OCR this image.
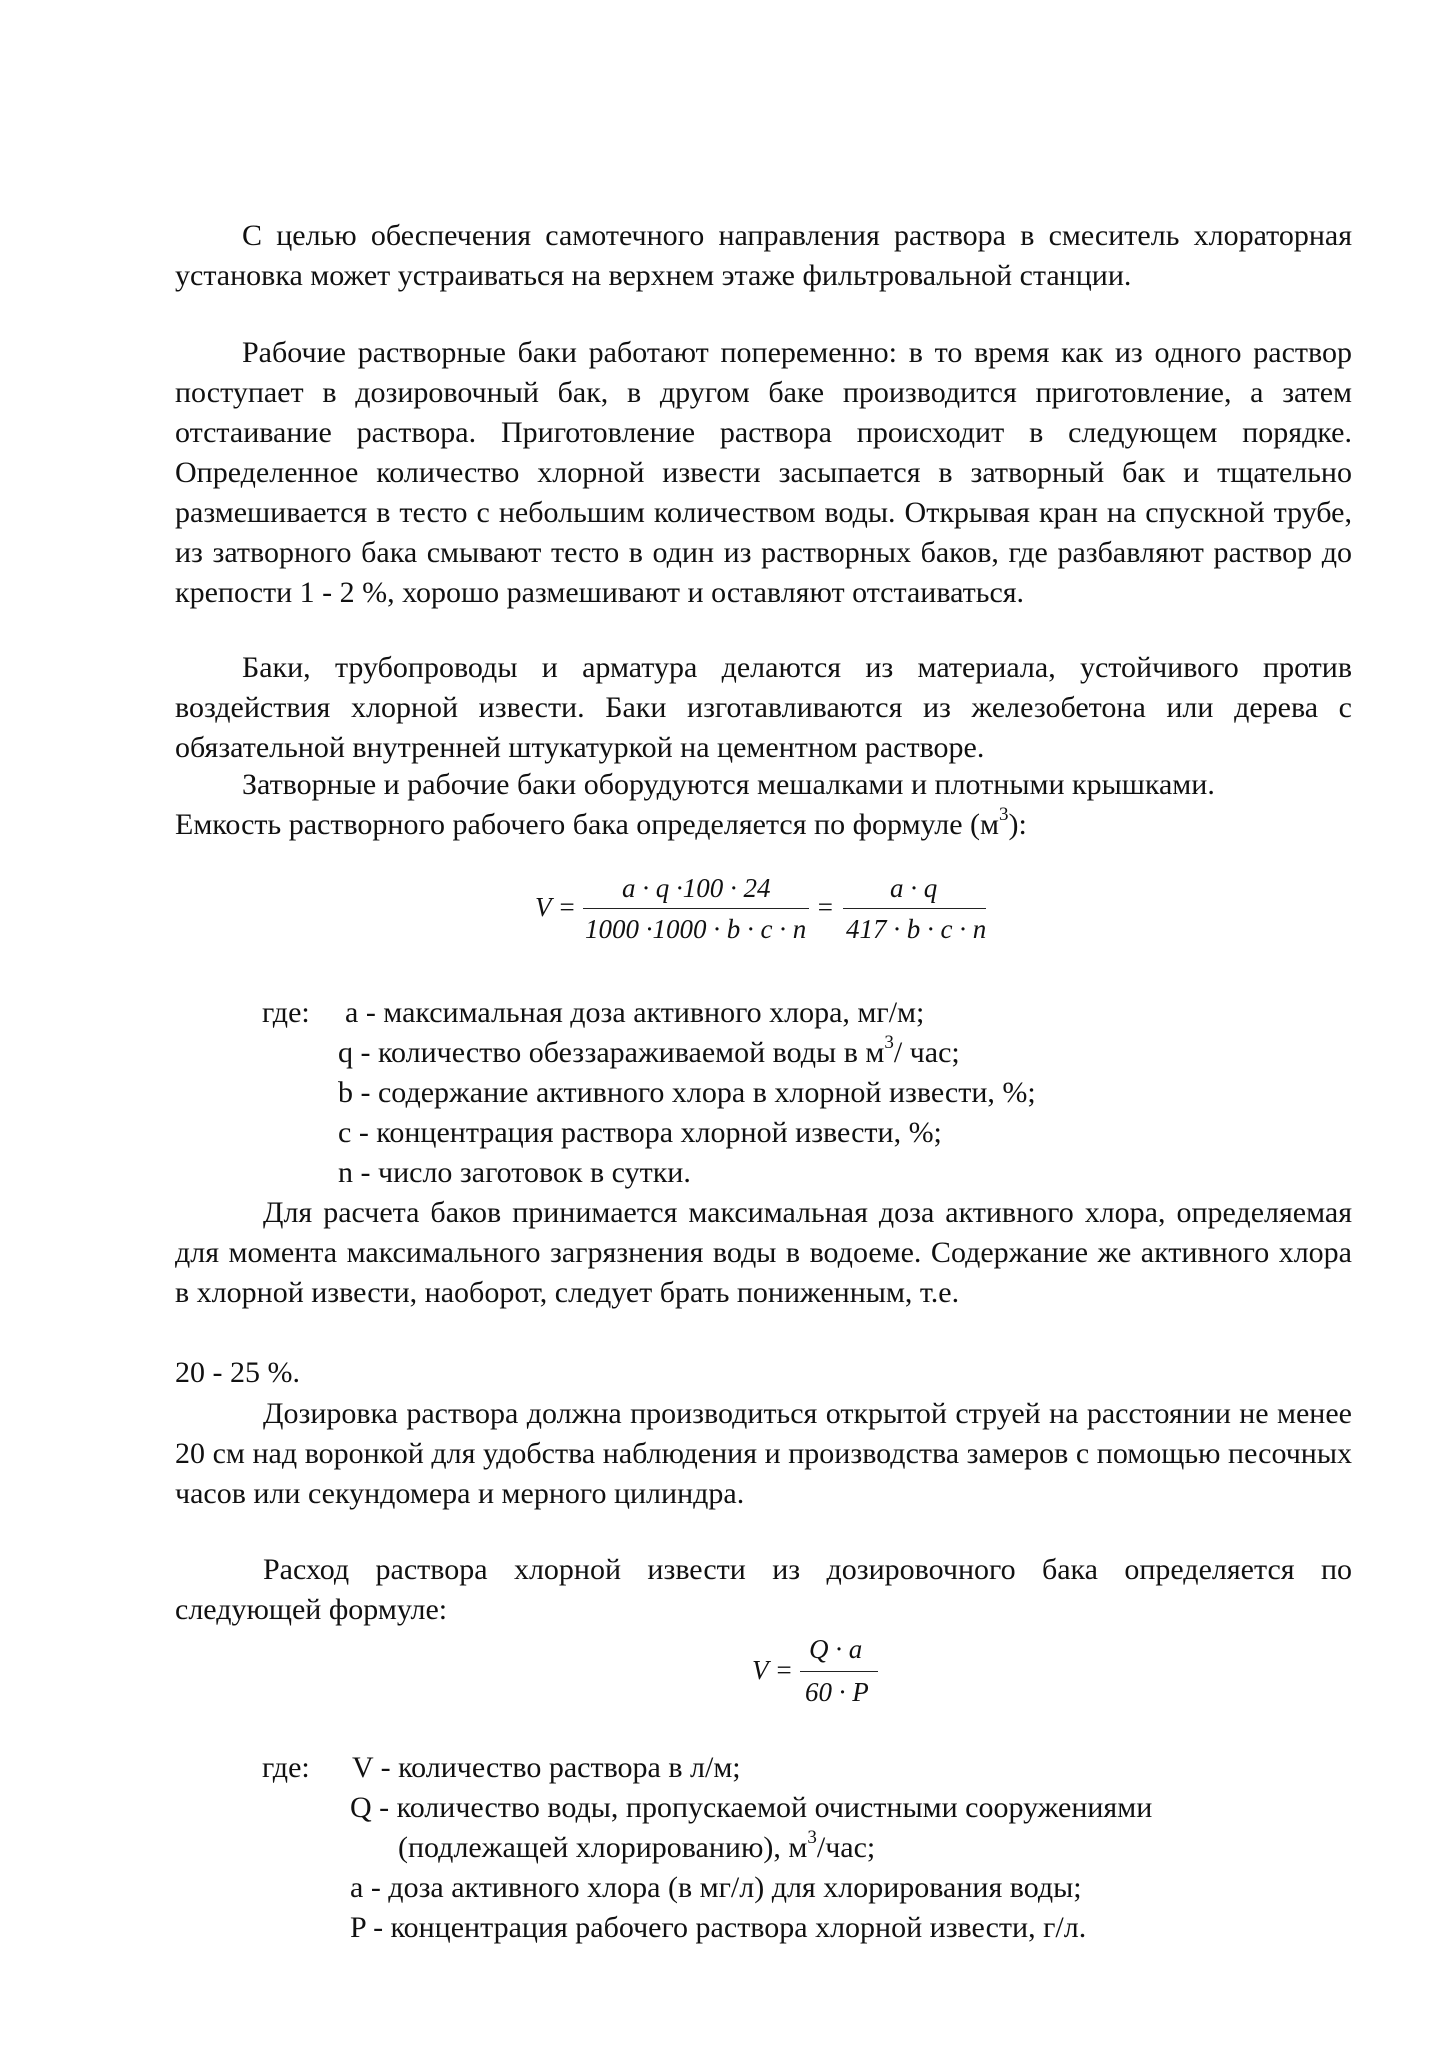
С целью обеспечения самотечного направления раствора в смеситель хлораторная установка может устраиваться на верхнем этаже фильтровальной станции.

Рабочие растворные баки работают попеременно: в то время как из одного раствор поступает в дозировочный бак, в другом баке производится приготовление, а затем отстаивание раствора. Приготовление раствора происходит в следующем порядке. Определенное количество хлорной извести засыпается в затворный бак и тщательно размешивается в тесто с небольшим количеством воды. Открывая кран на спускной трубе, из затворного бака смывают тесто в один из растворных баков, где разбавляют раствор до крепости 1 - 2 %, хорошо размешивают и оставляют отстаиваться.

Баки, трубопроводы и арматура делаются из материала, устойчивого против воздействия хлорной извести. Баки изготавливаются из железобетона или дерева с обязательной внутренней штукатуркой на цементном растворе.

Затворные и рабочие баки оборудуются мешалками и плотными крышками.

Емкость растворного рабочего бака определяется по формуле $(м^3)$:

V =
a · q ·100 · 24
1000 ·1000 · b · c · n
=
a · q
417 · b · c · n

где: a - максимальная доза активного хлора, мг/м;

q - количество обеззараживаемой воды в $м^3/$ час;

b - содержание активного хлора в хлорной извести, %;

c - концентрация раствора хлорной извести, %;

n - число заготовок в сутки.

Для расчета баков принимается максимальная доза активного хлора, определяемая для момента максимального загрязнения воды в водоеме. Содержание же активного хлора в хлорной извести, наоборот, следует брать пониженным, т.е.

20 - 25 %.

Дозировка раствора должна производиться открытой струей на расстоянии не менее 20 см над воронкой для удобства наблюдения и производства замеров с помощью песочных часов или секундомера и мерного цилиндра.

Расход раствора хлорной извести из дозировочного бака определяется по следующей формуле:

V =
Q · a
60 · P

где: V - количество раствора в л/м;

Q - количество воды, пропускаемой очистными сооружениями

(подлежащей хлорированию), $м^3$/час;

a - доза активного хлора (в мг/л) для хлорирования воды;

P - концентрация рабочего раствора хлорной извести, г/л.
